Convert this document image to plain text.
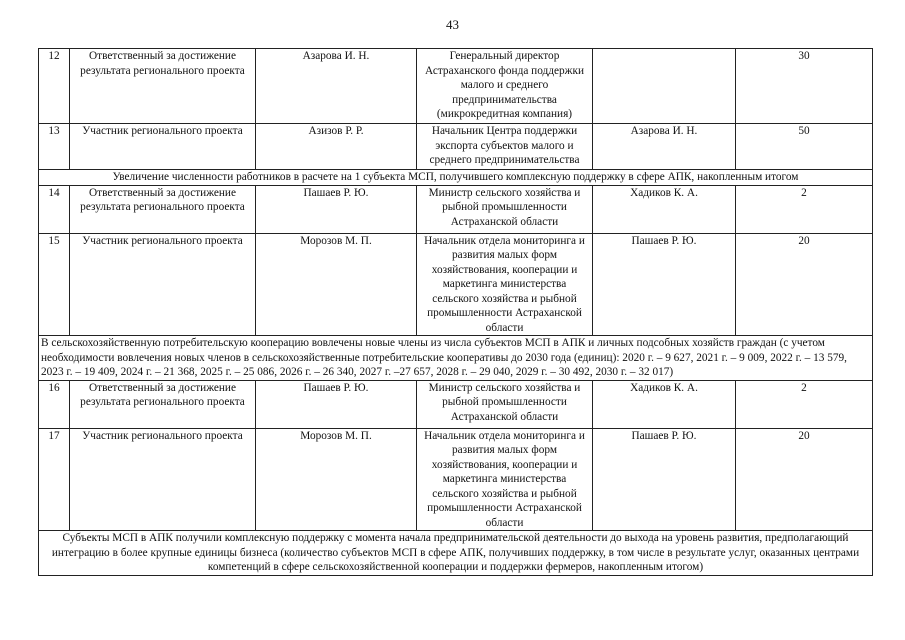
43
12	Ответственный за достижение результата регионального проекта	Азарова И. Н.	Генеральный директор Астраханского фонда поддержки малого и среднего предпринимательства (микрокредитная компания)		30
13	Участник регионального проекта	Азизов Р. Р.	Начальник Центра поддержки экспорта субъектов малого и среднего предпринимательства	Азарова И. Н.	50
Увеличение численности работников в расчете на 1 субъекта МСП, получившего комплексную поддержку в сфере АПК, накопленным итогом					
14	Ответственный за достижение результата регионального проекта	Пашаев Р. Ю.	Министр сельского хозяйства и рыбной промышленности Астраханской области	Хадиков К. А.	2
15	Участник регионального проекта	Морозов М. П.	Начальник отдела мониторинга и развития малых форм хозяйствования, кооперации и маркетинга министерства сельского хозяйства и рыбной промышленности Астраханской области	Пашаев Р. Ю.	20
В сельскохозяйственную потребительскую кооперацию вовлечены новые члены из числа субъектов МСП в АПК и личных подсобных хозяйств граждан (с учетом необходимости вовлечения новых членов в сельскохозяйственные потребительские кооперативы до 2030 года (единиц): 2020 г. – 9 627, 2021 г. – 9 009, 2022 г. – 13 579, 2023 г. – 19 409, 2024 г. – 21 368, 2025 г. – 25 086, 2026 г. – 26 340, 2027 г. –27 657, 2028 г. – 29 040, 2029 г. – 30 492, 2030 г. – 32 017)					
16	Ответственный за достижение результата регионального проекта	Пашаев Р. Ю.	Министр сельского хозяйства и рыбной промышленности Астраханской области	Хадиков К. А.	2
17	Участник регионального проекта	Морозов М. П.	Начальник отдела мониторинга и развития малых форм хозяйствования, кооперации и маркетинга министерства сельского хозяйства и рыбной промышленности Астраханской области	Пашаев Р. Ю.	20
Субъекты МСП в АПК получили комплексную поддержку с момента начала предпринимательской деятельности до выхода на уровень развития, предполагающий интеграцию в более крупные единицы бизнеса (количество субъектов МСП в сфере АПК, получивших поддержку, в том числе в результате услуг, оказанных центрами компетенций в сфере сельскохозяйственной кооперации и поддержки фермеров, накопленным итогом)					
